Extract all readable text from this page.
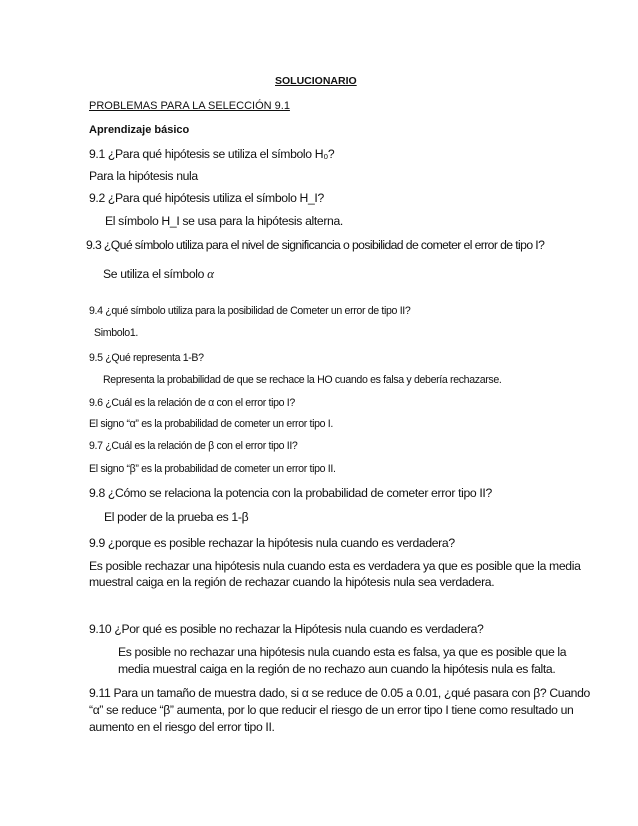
SOLUCIONARIO
PROBLEMAS PARA LA SELECCIÓN 9.1
Aprendizaje básico
9.1 ¿Para qué hipótesis se utiliza el símbolo H₀?
Para la hipótesis nula
9.2 ¿Para qué hipótesis utiliza el símbolo H_I?
El símbolo H_I se usa para la hipótesis alterna.
9.3 ¿Qué símbolo utiliza para el nivel de significancia o posibilidad de cometer el error de tipo I?
Se utiliza el símbolo α
9.4 ¿qué símbolo utiliza para la posibilidad de Cometer un error de tipo II?
Simbolo1.
9.5 ¿Qué representa 1-B?
Representa la probabilidad de que se rechace la HO cuando es falsa y debería rechazarse.
9.6 ¿Cuál es la relación de α con el error tipo I?
El signo “α” es la probabilidad de cometer un error tipo I.
9.7 ¿Cuál es la relación de β con el error tipo II?
El signo “β” es la probabilidad de cometer un error tipo II.
9.8 ¿Cómo se relaciona la potencia con la probabilidad de cometer error tipo II?
El poder de la prueba es 1-β
9.9 ¿porque es posible rechazar la hipótesis nula cuando es verdadera?
Es posible rechazar una hipótesis nula cuando esta es verdadera ya que es posible que la media
muestral caiga en la región de rechazar cuando la hipótesis nula sea verdadera.
9.10 ¿Por qué es posible no rechazar la Hipótesis nula cuando es verdadera?
Es posible no rechazar una hipótesis nula cuando esta es falsa, ya que es posible que la
media muestral caiga en la región de no rechazo aun cuando la hipótesis nula es falta.
9.11 Para un tamaño de muestra dado, si α se reduce de 0.05 a 0.01, ¿qué pasara con β? Cuando
“α” se reduce “β” aumenta, por lo que reducir el riesgo de un error tipo I tiene como resultado un
aumento en el riesgo del error tipo II.
